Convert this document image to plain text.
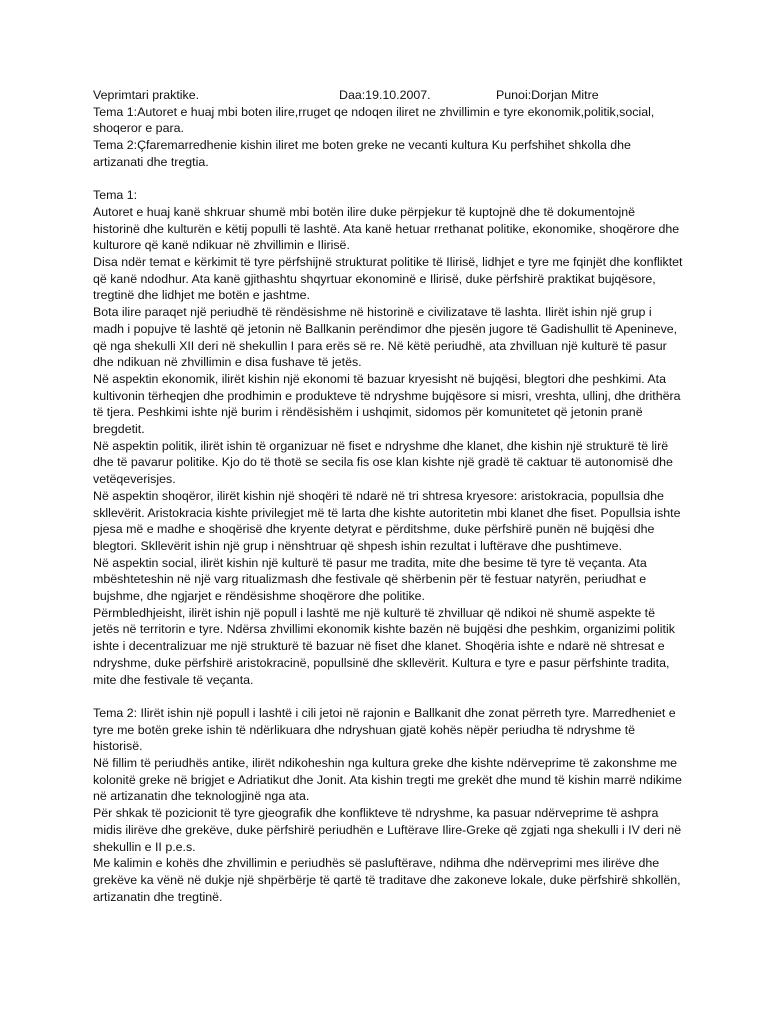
Veprimtari praktike.	Daa:19.10.2007.	Punoi:Dorjan Mitre

Tema 1:Autoret e huaj mbi boten ilire,rruget qe ndoqen iliret ne zhvillimin e tyre ekonomik,politik,social, shoqeror e para.

Tema 2:Çfaremarredhenie kishin iliret me boten greke ne vecanti kultura Ku perfshihet shkolla dhe artizanati dhe tregtia.

Tema 1:

Autoret e huaj kanë shkruar shumë mbi botën ilire duke përpjekur të kuptojnë dhe të dokumentojnë historinë dhe kulturën e këtij populli të lashtë. Ata kanë hetuar rrethanat politike, ekonomike, shoqërore dhe kulturore që kanë ndikuar në zhvillimin e Ilirisë.

Disa ndër temat e kërkimit të tyre përfshijnë strukturat politike të Ilirisë, lidhjet e tyre me fqinjët dhe konfliktet që kanë ndodhur. Ata kanë gjithashtu shqyrtuar ekonominë e Ilirisë, duke përfshirë praktikat bujqësore, tregtinë dhe lidhjet me botën e jashtme.

Bota ilire paraqet një periudhë të rëndësishme në historinë e civilizatave të lashta. Ilirët ishin një grup i madh i popujve të lashtë që jetonin në Ballkanin perëndimor dhe pjesën jugore të Gadishullit të Apenineve, që nga shekulli XII deri në shekullin I para erës së re. Në këtë periudhë, ata zhvilluan një kulturë të pasur dhe ndikuan në zhvillimin e disa fushave të jetës.

Në aspektin ekonomik, ilirët kishin një ekonomi të bazuar kryesisht në bujqësi, blegtori dhe peshkimi. Ata kultivonin tërheqjen dhe prodhimin e produkteve të ndryshme bujqësore si misri, vreshta, ullinj, dhe drithëra të tjera. Peshkimi ishte një burim i rëndësishëm i ushqimit, sidomos për komunitetet që jetonin pranë bregdetit.

Në aspektin politik, ilirët ishin të organizuar në fiset e ndryshme dhe klanet, dhe kishin një strukturë të lirë dhe të pavarur politike. Kjo do të thotë se secila fis ose klan kishte një gradë të caktuar të autonomisë dhe vetëqeverisjes.

Në aspektin shoqëror, ilirët kishin një shoqëri të ndarë në tri shtresa kryesore: aristokracia, popullsia dhe skllevërit. Aristokracia kishte privilegjet më të larta dhe kishte autoritetin mbi klanet dhe fiset. Popullsia ishte pjesa më e madhe e shoqërisë dhe kryente detyrat e përditshme, duke përfshirë punën në bujqësi dhe blegtori. Skllevërit ishin një grup i nënshtruar që shpesh ishin rezultat i luftërave dhe pushtimeve.

Në aspektin social, ilirët kishin një kulturë të pasur me tradita, mite dhe besime të tyre të veçanta. Ata mbështeteshin në një varg ritualizmash dhe festivale që shërbenin për të festuar natyrën, periudhat e bujshme, dhe ngjarjet e rëndësishme shoqërore dhe politike.

Përmbledhjeisht, ilirët ishin një popull i lashtë me një kulturë të zhvilluar që ndikoi në shumë aspekte të jetës në territorin e tyre. Ndërsa zhvillimi ekonomik kishte bazën në bujqësi dhe peshkim, organizimi politik ishte i decentralizuar me një strukturë të bazuar në fiset dhe klanet. Shoqëria ishte e ndarë në shtresat e ndryshme, duke përfshirë aristokracinë, popullsinë dhe skllevërit. Kultura e tyre e pasur përfshinte tradita, mite dhe festivale të veçanta.

Tema 2: Ilirët ishin një popull i lashtë i cili jetoi në rajonin e Ballkanit dhe zonat përreth tyre. Marredheniet e tyre me botën greke ishin të ndërlikuara dhe ndryshuan gjatë kohës nëpër periudha të ndryshme të historisë.

Në fillim të periudhës antike, ilirët ndikoheshin nga kultura greke dhe kishte ndërveprime të zakonshme me kolonitë greke në brigjet e Adriatikut dhe Jonit. Ata kishin tregti me grekët dhe mund të kishin marrë ndikime në artizanatin dhe teknologjinë nga ata.

Për shkak të pozicionit të tyre gjeografik dhe konfliktеve të ndryshme, ka pasuar ndërveprime të ashpra midis ilirëve dhe grekëve, duke përfshirë periudhën e Luftërave Ilire-Greke që zgjati nga shekulli i IV deri në shekullin e II p.e.s.

Me kalimin e kohës dhe zhvillimin e periudhës së pasluftërave, ndihma dhe ndërveprimi mes ilirëve dhe grekëve ka vënë në dukje një shpërbërje të qartë të traditave dhe zakoneve lokale, duke përfshirë shkollën, artizanatin dhe tregtinë.
